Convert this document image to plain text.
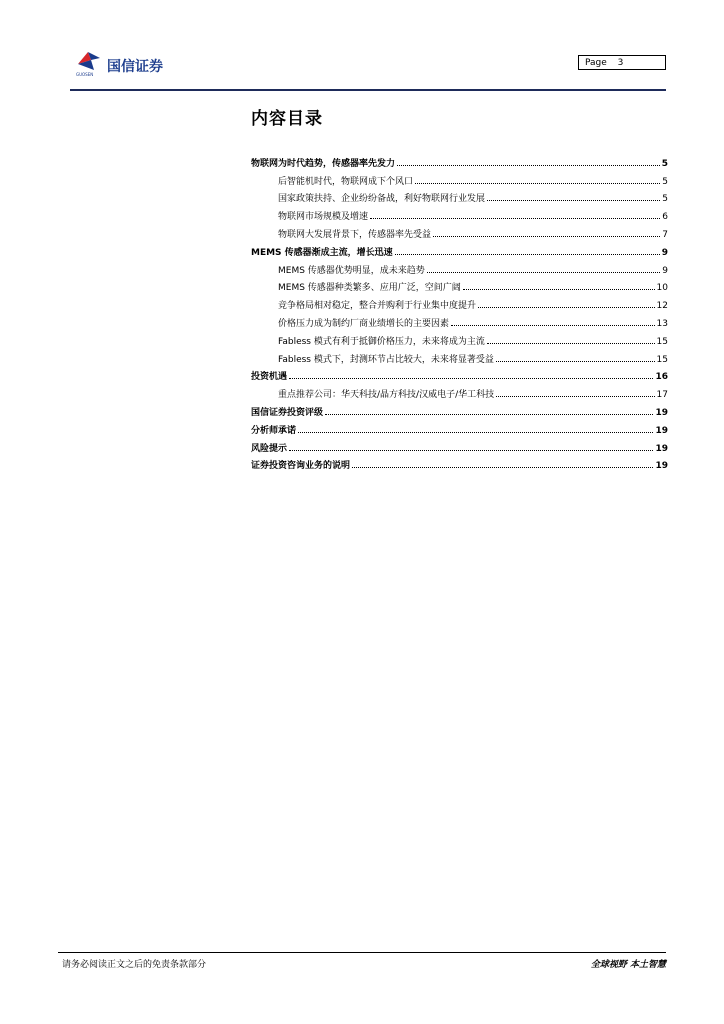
国信证券
GUOSEN
Page 3
内容目录
物联网为时代趋势，传感器率先发力	5
后智能机时代，物联网成下个风口	5
国家政策扶持、企业纷纷备战，利好物联网行业发展	5
物联网市场规模及增速	6
物联网大发展背景下，传感器率先受益	7
MEMS 传感器渐成主流，增长迅速	9
MEMS 传感器优势明显，成未来趋势	9
MEMS 传感器种类繁多、应用广泛，空间广阔	10
竞争格局相对稳定，整合并购利于行业集中度提升	12
价格压力成为制约厂商业绩增长的主要因素	13
Fabless 模式有利于抵御价格压力，未来将成为主流	15
Fabless 模式下，封测环节占比较大，未来将显著受益	15
投资机遇	16
重点推荐公司：华天科技/晶方科技/汉威电子/华工科技	17
国信证券投资评级	19
分析师承诺	19
风险提示	19
证券投资咨询业务的说明	19
请务必阅读正文之后的免责条款部分	全球视野 本土智慧
